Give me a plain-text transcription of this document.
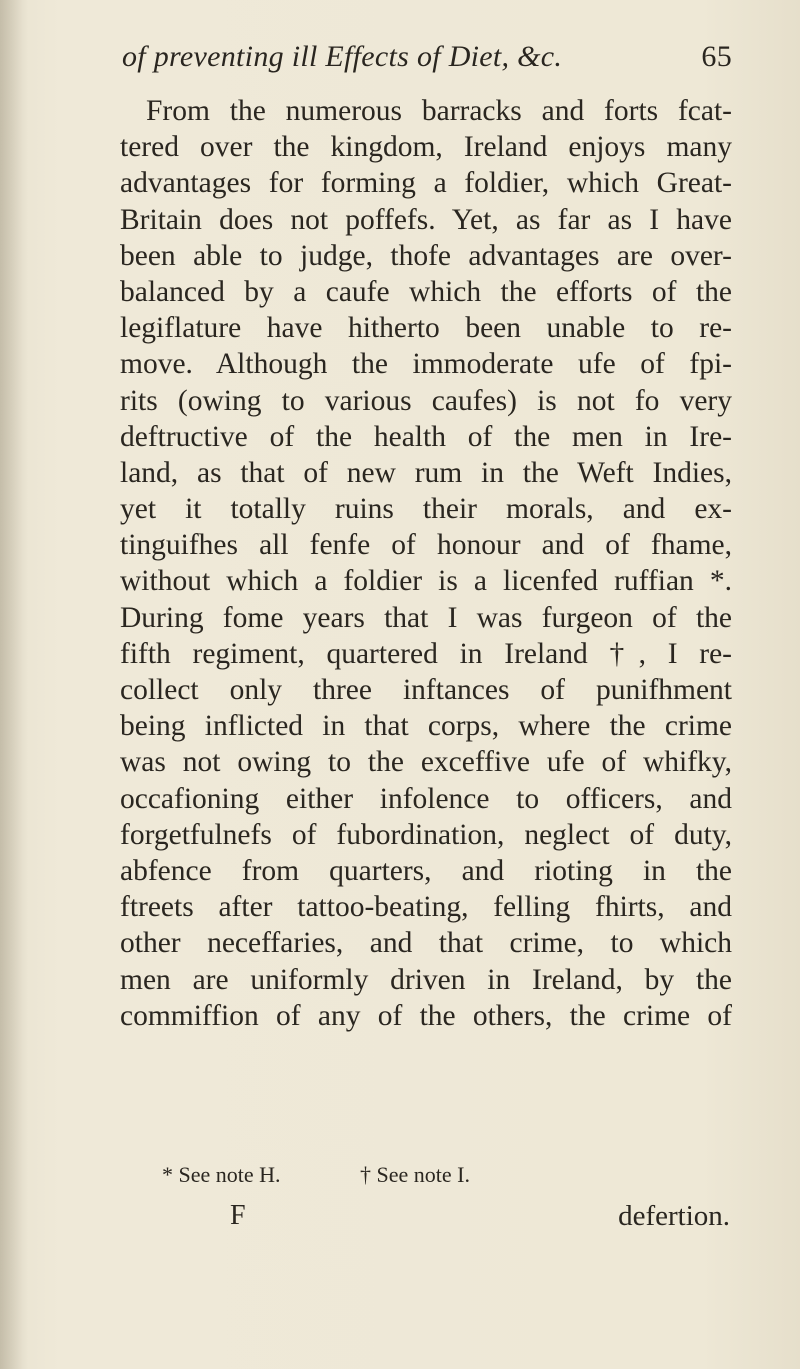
of preventing ill Effects of Diet, &c.	65
From the numerous barracks and forts fcat-
tered over the kingdom, Ireland enjoys many
advantages for forming a foldier, which Great-
Britain does not poffefs. Yet, as far as I have
been able to judge, thofe advantages are over-
balanced by a caufe which the efforts of the
legiflature have hitherto been unable to re-
move. Although the immoderate ufe of fpi-
rits (owing to various caufes) is not fo very
deftructive of the health of the men in Ire-
land, as that of new rum in the Weft Indies,
yet it totally ruins their morals, and ex-
tinguifhes all fenfe of honour and of fhame,
without which a foldier is a licenfed ruffian *.
During fome years that I was furgeon of the
fifth regiment, quartered in Ireland †, I re-
collect only three inftances of punifhment
being inflicted in that corps, where the crime
was not owing to the exceffive ufe of whifky,
occafioning either infolence to officers, and
forgetfulnefs of fubordination, neglect of duty,
abfence from quarters, and rioting in the
ftreets after tattoo-beating, felling fhirts, and
other neceffaries, and that crime, to which
men are uniformly driven in Ireland, by the
commiffion of any of the others, the crime of
* See note H.	† See note I.
F	defertion.
